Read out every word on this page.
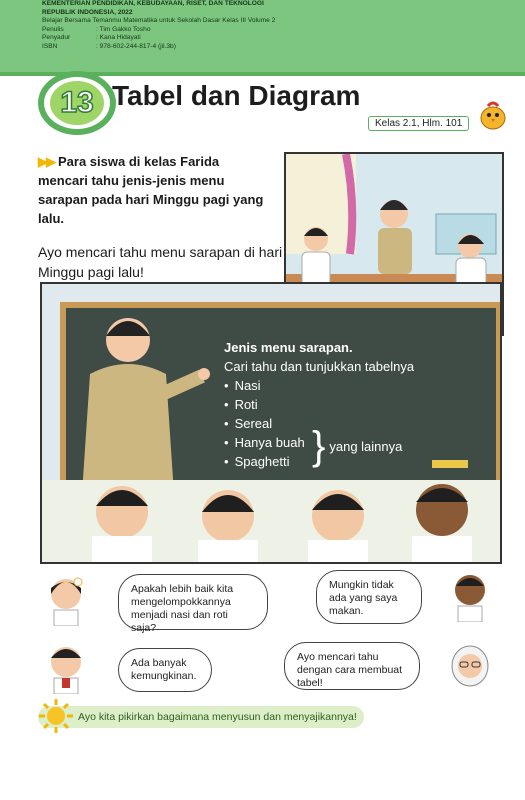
KEMENTERIAN PENDIDIKAN, KEBUDAYAAN, RISET, DAN TEKNOLOGI
REPUBLIK INDONESIA, 2022
Belajar Bersama Temanmu Matematika untuk Sekolah Dasar Kelas III Volume 2
Penulis	: Tim Gakko Tosho
Penyadur	: Kana Hidayati
ISBN	: 978-602-244-817-4 (jil.3b)
13 Tabel dan Diagram
Kelas 2.1, Hlm. 101
▶▶ Para siswa di kelas Farida mencari tahu jenis-jenis menu sarapan pada hari Minggu pagi yang lalu.
Ayo mencari tahu menu sarapan di hari Minggu pagi lalu!
Jenis menu sarapan.
Cari tahu dan tunjukkan tabelnya
• Nasi
• Roti
• Sereal
• Hanya buah
• Spaghetti } yang lainnya
Apakah lebih baik kita mengelompokkannya menjadi nasi dan roti saja?
Mungkin tidak ada yang saya makan.
Ada banyak kemungkinan.
Ayo mencari tahu dengan cara membuat tabel!
Ayo kita pikirkan bagaimana menyusun dan menyajikannya!
